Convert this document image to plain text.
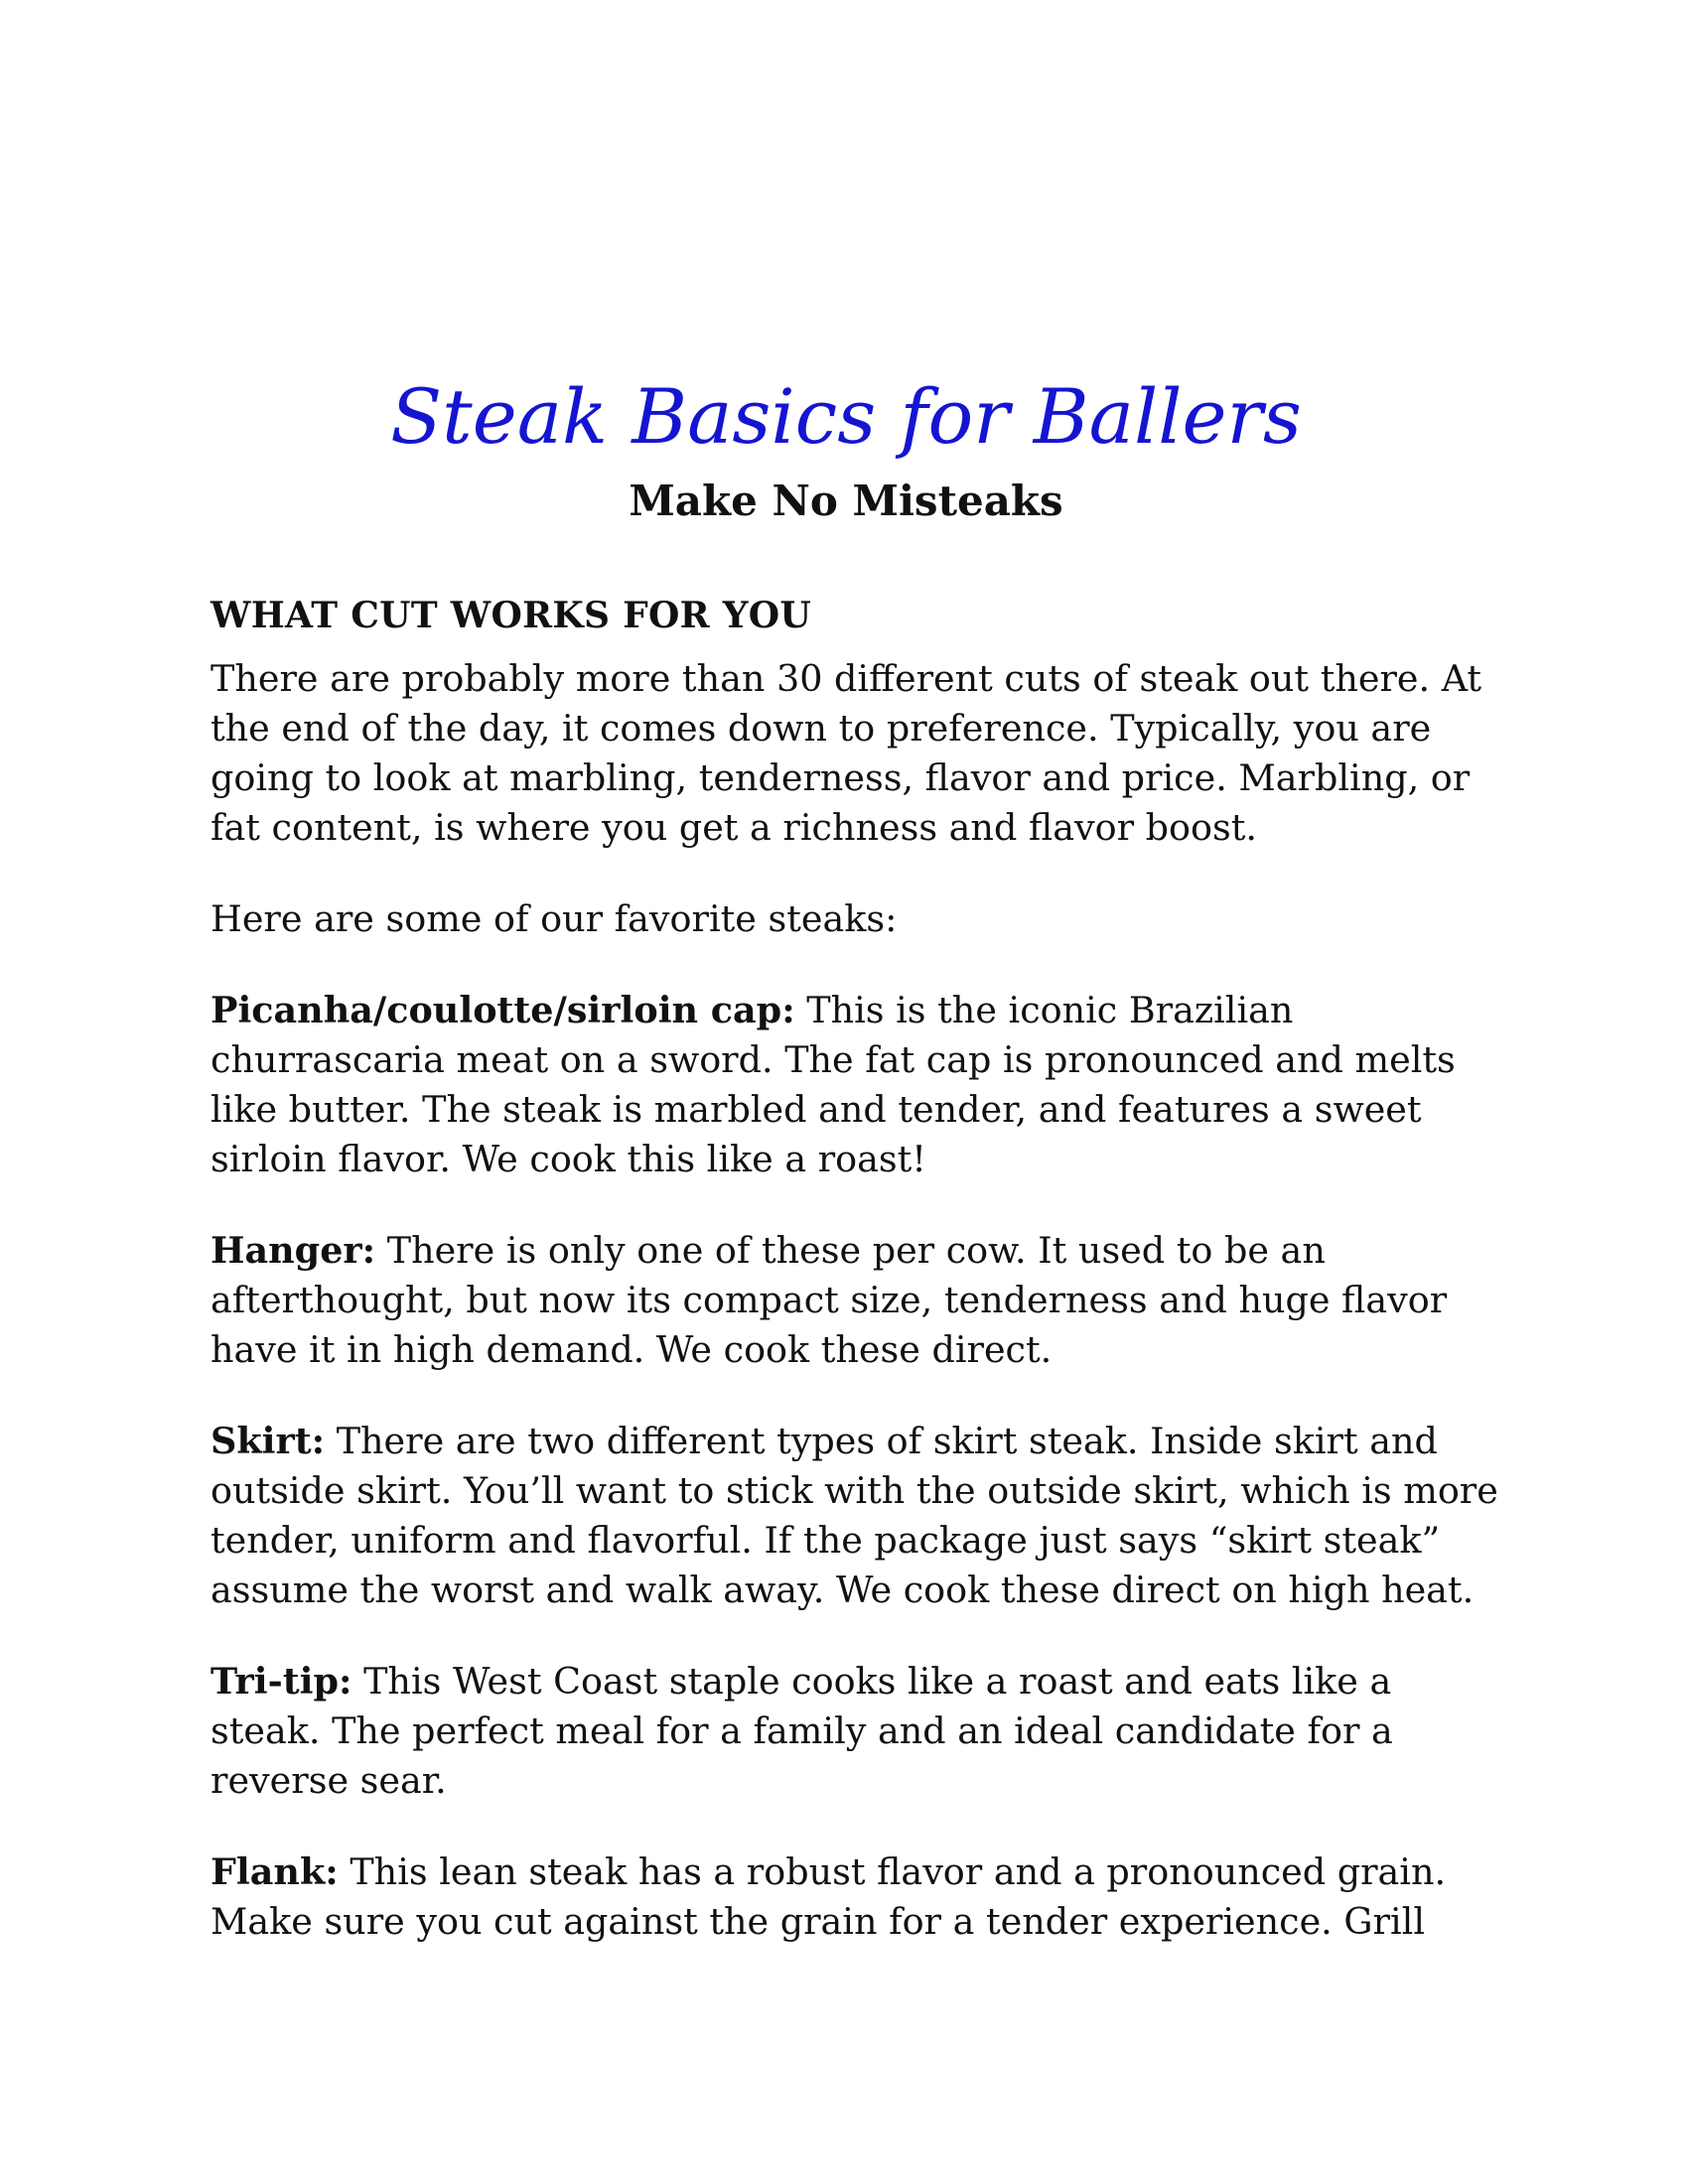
Steak Basics for Ballers
Make No Misteaks
WHAT CUT WORKS FOR YOU

There are probably more than 30 different cuts of steak out there. At the end of the day, it comes down to preference. Typically, you are going to look at marbling, tenderness, flavor and price. Marbling, or fat content, is where you get a richness and flavor boost.

Here are some of our favorite steaks:

Picanha/coulotte/sirloin cap: This is the iconic Brazilian churrascaria meat on a sword. The fat cap is pronounced and melts like butter. The steak is marbled and tender, and features a sweet sirloin flavor. We cook this like a roast!

Hanger: There is only one of these per cow. It used to be an afterthought, but now its compact size, tenderness and huge flavor have it in high demand. We cook these direct.

Skirt: There are two different types of skirt steak. Inside skirt and outside skirt. You’ll want to stick with the outside skirt, which is more tender, uniform and flavorful. If the package just says “skirt steak” assume the worst and walk away. We cook these direct on high heat.

Tri-tip: This West Coast staple cooks like a roast and eats like a steak. The perfect meal for a family and an ideal candidate for a reverse sear.

Flank: This lean steak has a robust flavor and a pronounced grain. Make sure you cut against the grain for a tender experience. Grill
